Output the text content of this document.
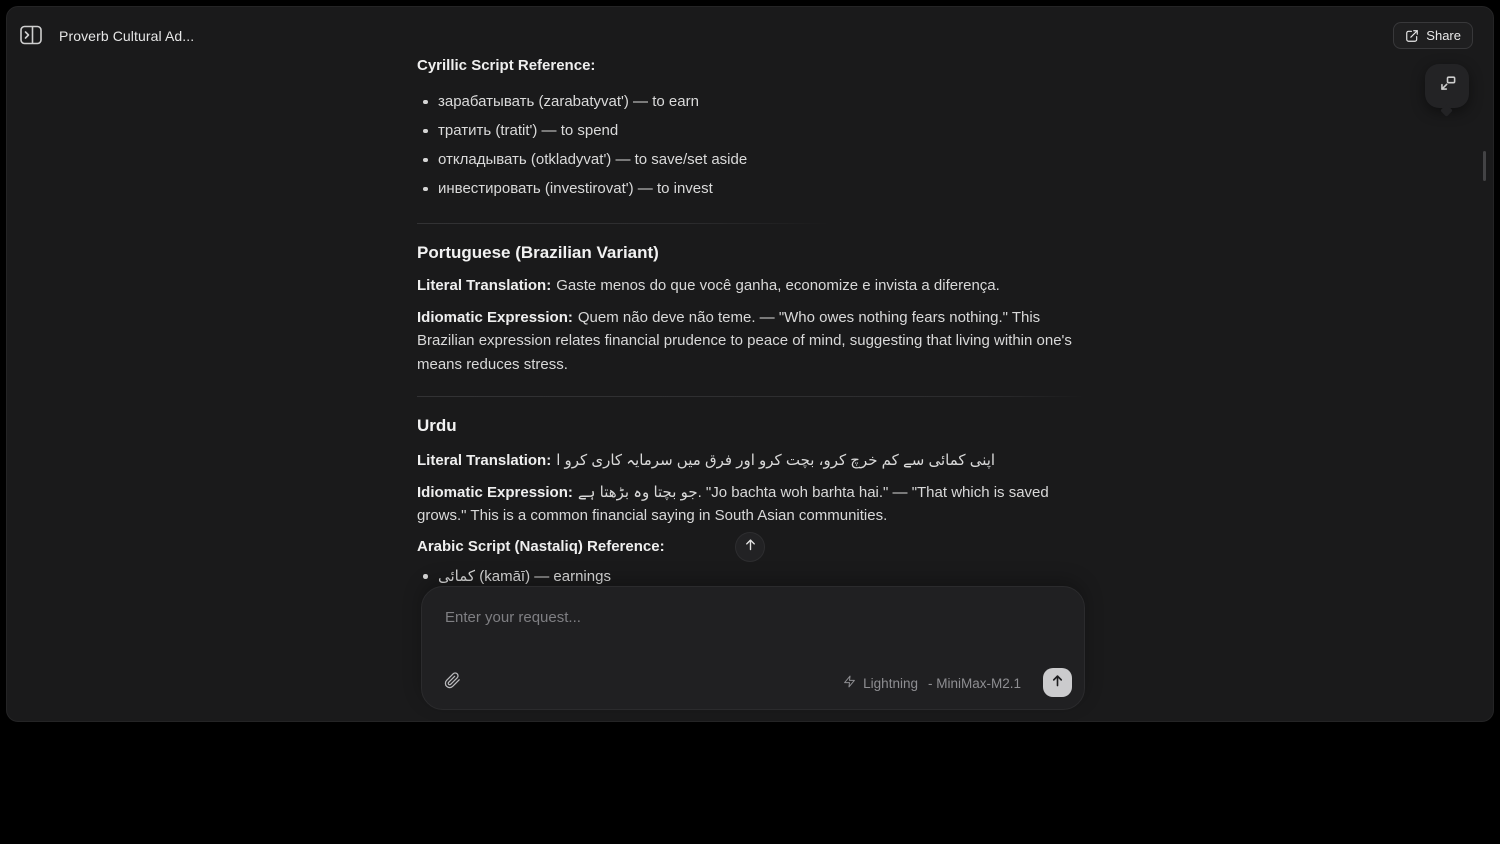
Proverb Cultural Ad...	Share
Cyrillic Script Reference:
зарабатывать (zarabatyvat') — to earn
тратить (tratit') — to spend
откладывать (otkladyvat') — to save/set aside
инвестировать (investirovat') — to invest
Portuguese (Brazilian Variant)

Literal Translation: Gaste menos do que você ganha, economize e invista a diferença.

Idiomatic Expression: Quem não deve não teme. — "Who owes nothing fears nothing." This Brazilian expression relates financial prudence to peace of mind, suggesting that living within one's means reduces stress.

Urdu

Literal Translation: اپنی کمائی سے کم خرچ کرو، بچت کرو اور فرق میں سرمایہ کاری کرو ا

Idiomatic Expression: جو بچتا وہ بڑھتا ہے. "Jo bachta woh barhta hai." — "That which is saved grows." This is a common financial saying in South Asian communities.

Arabic Script (Nastaliq) Reference:

کمائی (kamāī) — earnings
Enter your request...
Lightning - MiniMax-M2.1
